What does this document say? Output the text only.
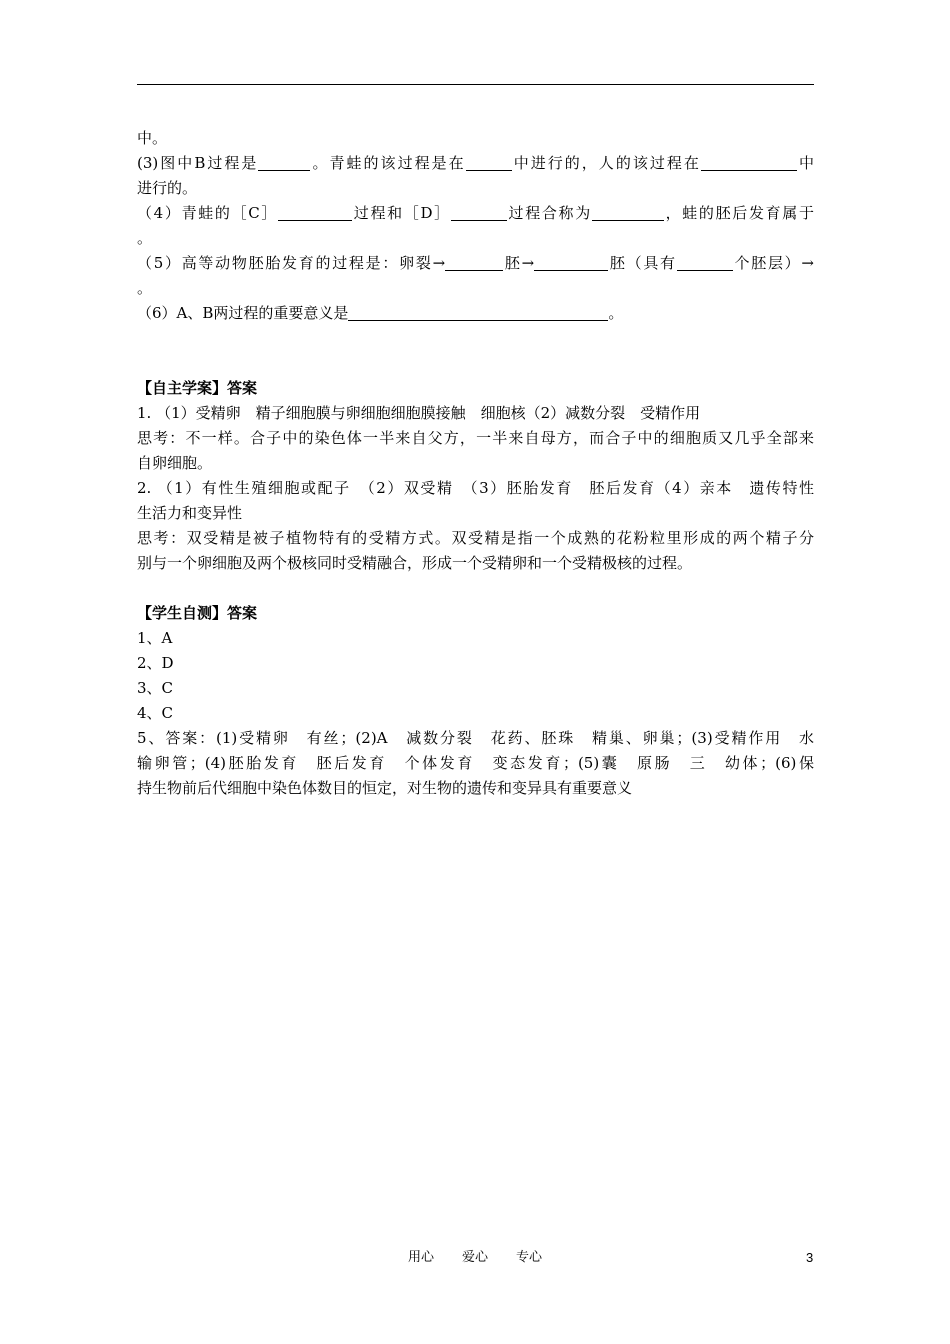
中。
(3)图中B过程是	。青蛙的该过程是在	中进行的，人的该过程在	中
进行的。
（4）青蛙的［C］	过程和［D］	过程合称为	，蛙的胚后发育属于
。
（5）高等动物胚胎发育的过程是：卵裂→	胚→	胚（具有	个胚层）→
。
（6）A、B两过程的重要意义是	。
【自主学案】答案
1. （1）受精卵　精子细胞膜与卵细胞细胞膜接触　细胞核（2）减数分裂　受精作用
思考：不一样。合子中的染色体一半来自父方，一半来自母方，而合子中的细胞质又几乎全部来
自卵细胞。
2. （1）有性生殖细胞或配子　（2）双受精　（3）胚胎发育　胚后发育（4）亲本　遗传特性
生活力和变异性
思考：双受精是被子植物特有的受精方式。双受精是指一个成熟的花粉粒里形成的两个精子分
别与一个卵细胞及两个极核同时受精融合，形成一个受精卵和一个受精极核的过程。
【学生自测】答案
1、A
2、D
3、C
4、C
5、答案：(1)受精卵　有丝；(2)A　减数分裂　花药、胚珠　精巢、卵巢；(3)受精作用　水
输卵管；(4)胚胎发育　胚后发育　个体发育　变态发育；(5)囊　原肠　三　幼体；(6)保
持生物前后代细胞中染色体数目的恒定，对生物的遗传和变异具有重要意义
用心 爱心 专心	3
